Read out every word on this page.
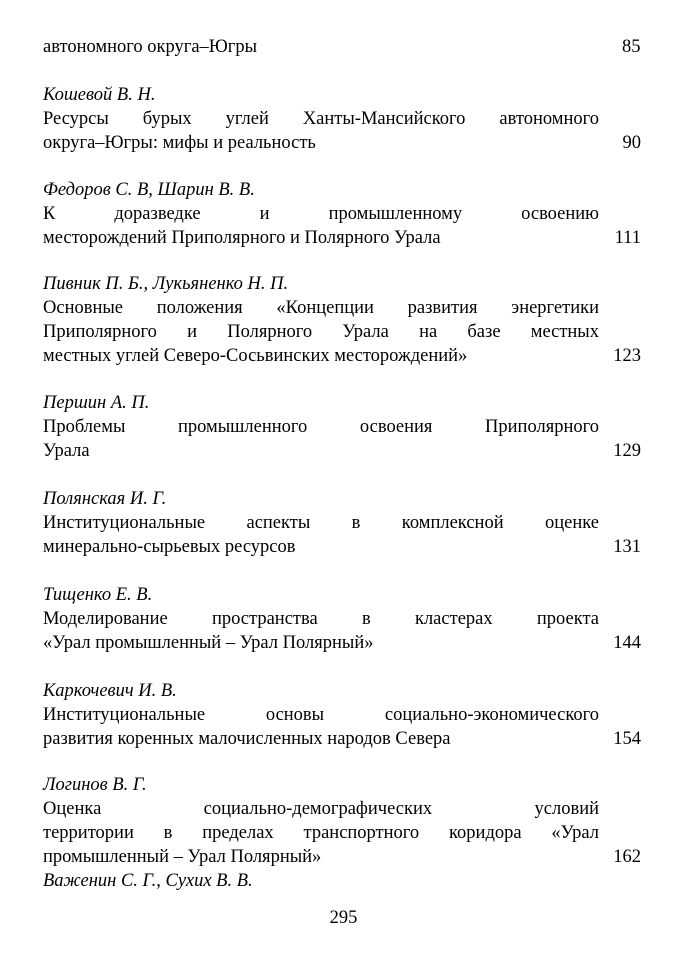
автономного округа–Югры	85
Кошевой В. Н.
Ресурсы бурых углей Ханты-Мансийского автономного
округа–Югры: мифы и реальность	90
Федоров С. В, Шарин В. В.
К доразведке и промышленному освоению
месторождений Приполярного и Полярного Урала	111
Пивник П. Б., Лукьяненко Н. П.
Основные положения «Концепции развития энергетики
Приполярного и Полярного Урала на базе местных
местных углей Северо-Сосьвинских месторождений»	123
Першин А. П.
Проблемы промышленного освоения Приполярного
Урала	129
Полянская И. Г.
Институциональные аспекты в комплексной оценке
минерально-сырьевых ресурсов	131
Тищенко Е. В.
Моделирование пространства в кластерах проекта
«Урал промышленный – Урал Полярный»	144
Каркочевич И. В.
Институциональные основы социально-экономического
развития коренных малочисленных народов Севера	154
Логинов В. Г.
Оценка социально-демографических условий
территории в пределах транспортного коридора «Урал
промышленный – Урал Полярный»	162
Важенин С. Г., Сухих В. В.
295
